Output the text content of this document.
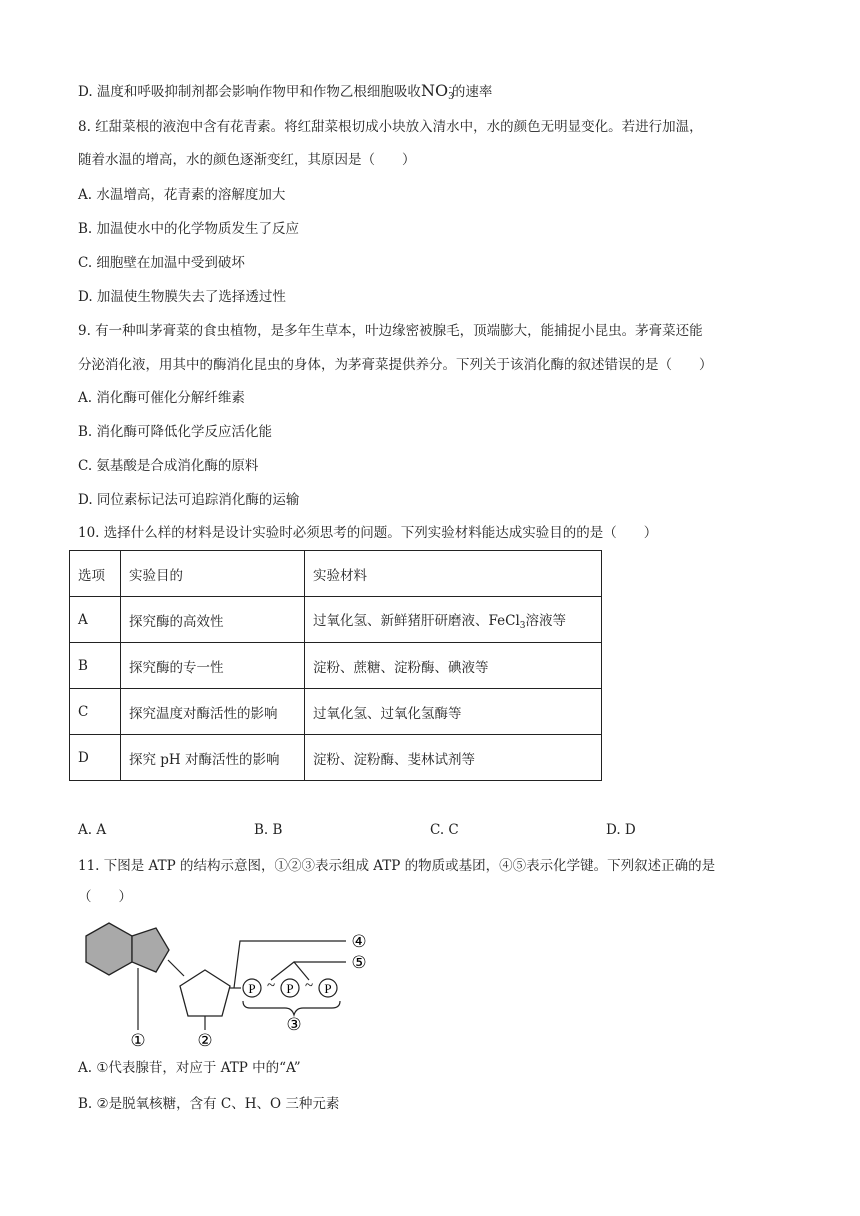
D. 温度和呼吸抑制剂都会影响作物甲和作物乙根细胞吸收$NO_3^-$的速率
8. 红甜菜根的液泡中含有花青素。将红甜菜根切成小块放入清水中，水的颜色无明显变化。若进行加温，
随着水温的增高，水的颜色逐渐变红，其原因是（　　）
A. 水温增高，花青素的溶解度加大
B. 加温使水中的化学物质发生了反应
C. 细胞壁在加温中受到破坏
D. 加温使生物膜失去了选择透过性
9. 有一种叫茅膏菜的食虫植物，是多年生草本，叶边缘密被腺毛，顶端膨大，能捕捉小昆虫。茅膏菜还能
分泌消化液，用其中的酶消化昆虫的身体，为茅膏菜提供养分。下列关于该消化酶的叙述错误的是（　　）
A. 消化酶可催化分解纤维素
B. 消化酶可降低化学反应活化能
C. 氨基酸是合成消化酶的原料
D. 同位素标记法可追踪消化酶的运输
10. 选择什么样的材料是设计实验时必须思考的问题。下列实验材料能达成实验目的的是（　　）
选项	实验目的	实验材料
A	探究酶的高效性	过氧化氢、新鲜猪肝研磨液、FeCl$_3$溶液等
B	探究酶的专一性	淀粉、蔗糖、淀粉酶、碘液等
C	探究温度对酶活性的影响	过氧化氢、过氧化氢酶等
D	探究 pH 对酶活性的影响	淀粉、淀粉酶、斐林试剂等
A. A	B. B	C. C	D. D
11. 下图是 ATP 的结构示意图，①②③表示组成 ATP 的物质或基团，④⑤表示化学键。下列叙述正确的是
（　　）
P ~ P ~ P
①	②
③
④
⑤
A. ①代表腺苷，对应于 ATP 中的“A”
B. ②是脱氧核糖，含有 C、H、O 三种元素
